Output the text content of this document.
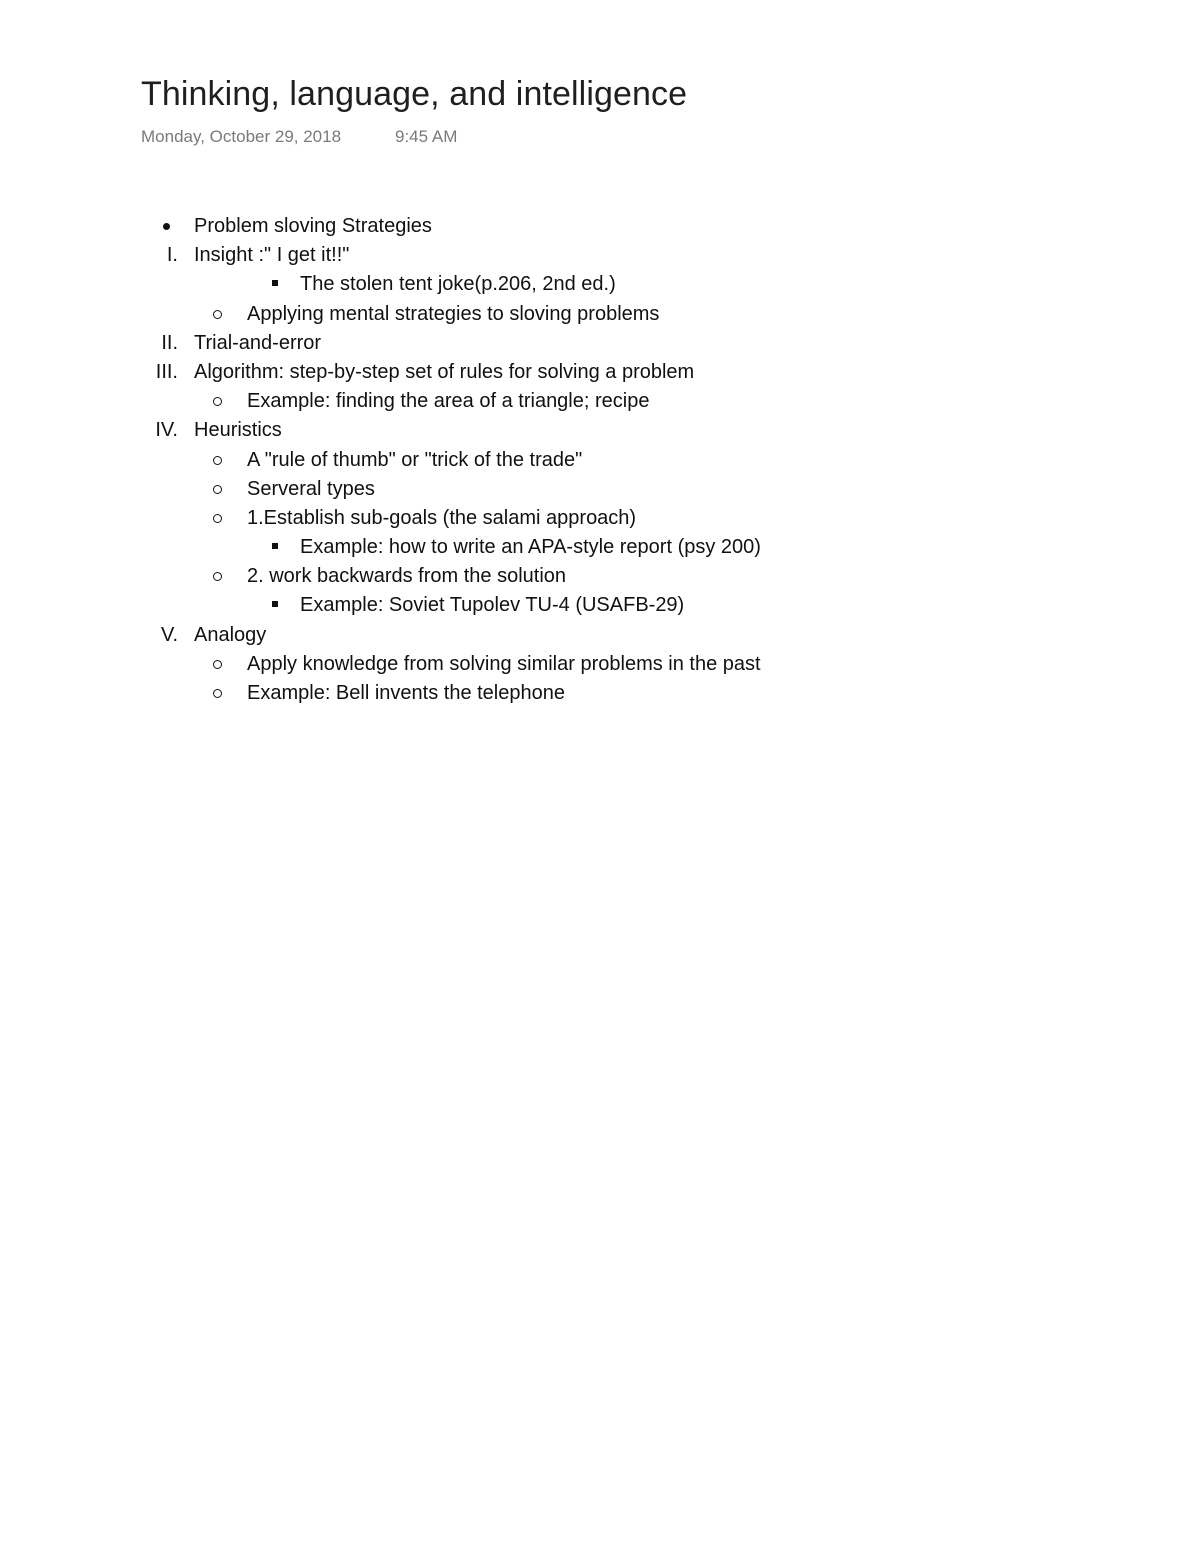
Thinking, language, and intelligence
Monday, October 29, 2018	9:45 AM
Problem sloving Strategies
I. Insight :" I get it!!"
The stolen tent joke(p.206, 2nd ed.)
Applying mental strategies to sloving problems
II. Trial-and-error
III. Algorithm: step-by-step set of rules for solving a problem
Example: finding the area of a triangle; recipe
IV. Heuristics
A "rule of thumb" or "trick of the trade"
Serveral types
1.Establish sub-goals (the salami approach)
Example: how to write an APA-style report (psy 200)
2. work backwards from the solution
Example: Soviet Tupolev TU-4 (USAFB-29)
V. Analogy
Apply knowledge from solving similar problems in the past
Example: Bell invents the telephone
